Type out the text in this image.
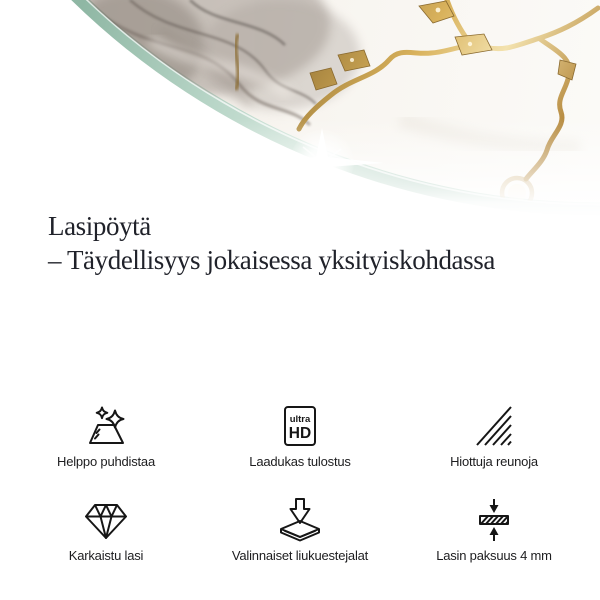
Lasipöytä
– Täydellisyys jokaisessa yksityiskohdassa

Helppo puhdistaa
ultra
HD
Laadukas tulostus	Hiottuja reunoja
Karkaistu lasi	Valinnaiset liukuestejalat	Lasin paksuus 4 mm
